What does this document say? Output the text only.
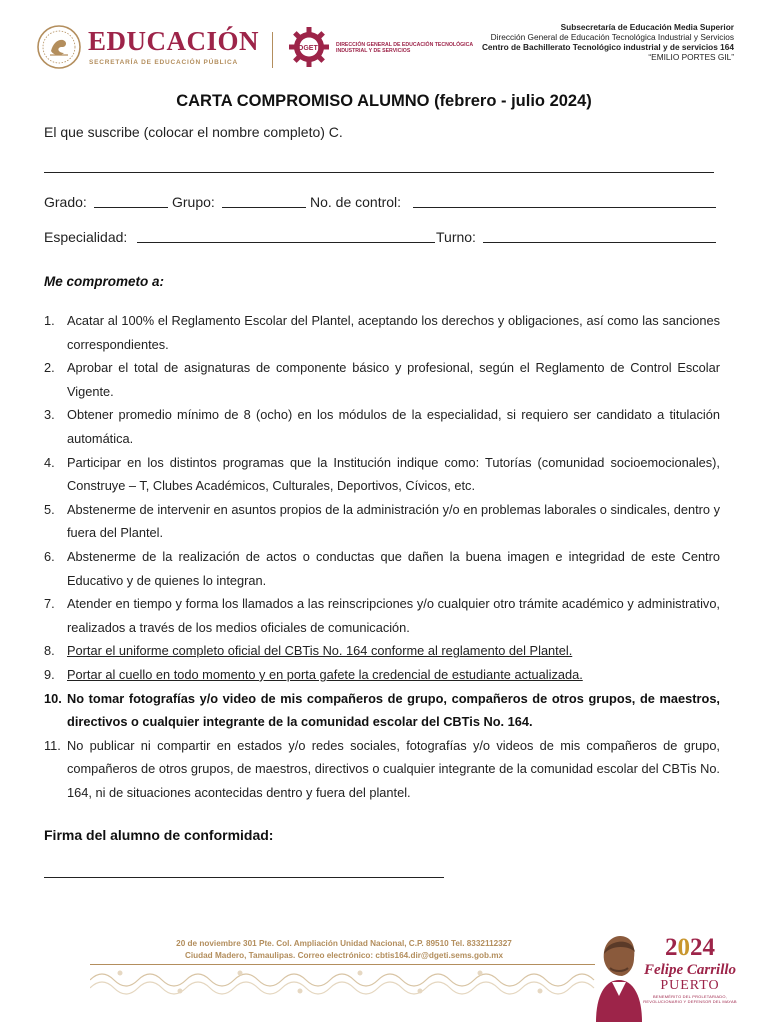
EDUCACIÓN
SECRETARÍA DE EDUCACIÓN PÚBLICA
DGETI	DIRECCIÓN GENERAL DE EDUCACIÓN TECNOLÓGICA INDUSTRIAL Y DE SERVICIOS
Subsecretaría de Educación Media Superior
Dirección General de Educación Tecnológica Industrial y Servicios
Centro de Bachillerato Tecnológico industrial y de servicios 164
“EMILIO PORTES GIL”
CARTA COMPROMISO ALUMNO (febrero - julio 2024)
El que suscribe (colocar el nombre completo) C.
Grado:	Grupo:	No. de control:
Especialidad:	Turno:
Me comprometo a:
1. Acatar al 100% el Reglamento Escolar del Plantel, aceptando los derechos y obligaciones, así como las sanciones correspondientes.
2. Aprobar el total de asignaturas de componente básico y profesional, según el Reglamento de Control Escolar Vigente.
3. Obtener promedio mínimo de 8 (ocho) en los módulos de la especialidad, si requiero ser candidato a titulación automática.
4. Participar en los distintos programas que la Institución indique como: Tutorías (comunidad socioemocionales), Construye – T, Clubes Académicos, Culturales, Deportivos, Cívicos, etc.
5. Abstenerme de intervenir en asuntos propios de la administración y/o en problemas laborales o sindicales, dentro y fuera del Plantel.
6. Abstenerme de la realización de actos o conductas que dañen la buena imagen e integridad de este Centro Educativo y de quienes lo integran.
7. Atender en tiempo y forma los llamados a las reinscripciones y/o cualquier otro trámite académico y administrativo, realizados a través de los medios oficiales de comunicación.
8. Portar el uniforme completo oficial del CBTis No. 164 conforme al reglamento del Plantel.
9. Portar al cuello en todo momento y en porta gafete la credencial de estudiante actualizada.
10. No tomar fotografías y/o video de mis compañeros de grupo, compañeros de otros grupos, de maestros, directivos o cualquier integrante de la comunidad escolar del CBTis No. 164.
11. No publicar ni compartir en estados y/o redes sociales, fotografías y/o videos de mis compañeros de grupo, compañeros de otros grupos, de maestros, directivos o cualquier integrante de la comunidad escolar del CBTis No. 164, ni de situaciones acontecidas dentro y fuera del plantel.
Firma del alumno de conformidad:
20 de noviembre 301 Pte. Col. Ampliación Unidad Nacional, C.P. 89510 Tel. 8332112327
Ciudad Madero, Tamaulipas. Correo electrónico: cbtis164.dir@dgeti.sems.gob.mx	2024
Felipe Carrillo
PUERTO
BENEMÉRITO DEL PROLETARIADO, REVOLUCIONARIO Y DEFENSOR DEL MAYAB
